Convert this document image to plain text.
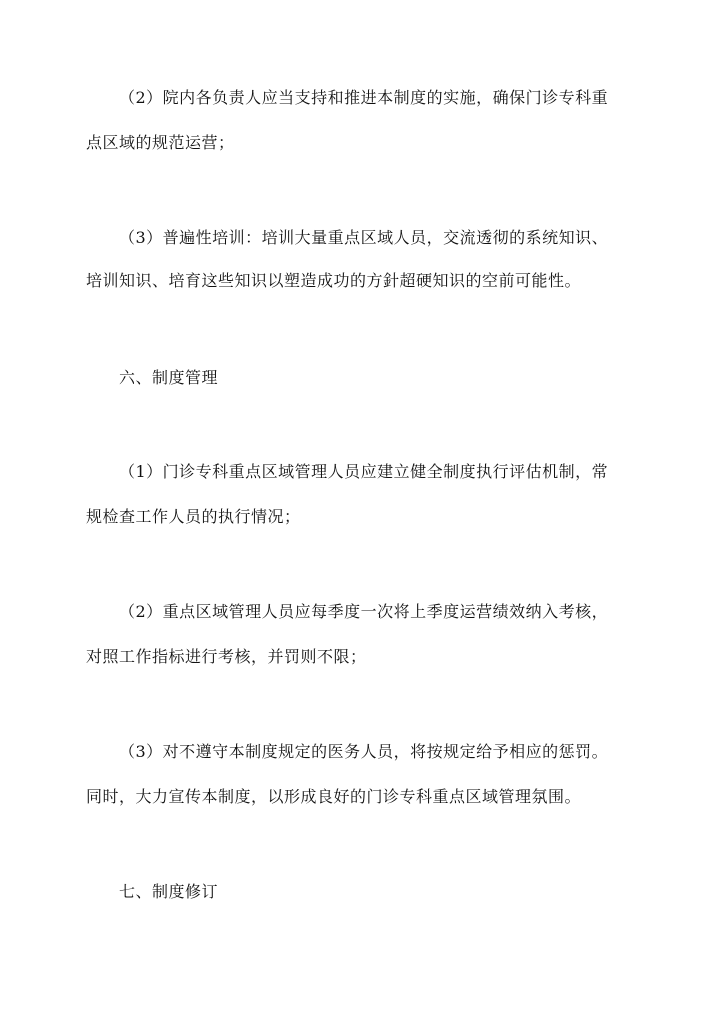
（2）院内各负责人应当支持和推进本制度的实施，确保门诊专科重
点区域的规范运营；
（3）普遍性培训：培训大量重点区域人员，交流透彻的系统知识、
培训知识、培育这些知识以塑造成功的方針超硬知识的空前可能性。
六、制度管理
（1）门诊专科重点区域管理人员应建立健全制度执行评估机制，常
规检查工作人员的执行情况；
（2）重点区域管理人员应每季度一次将上季度运营绩效纳入考核，
对照工作指标进行考核，并罚则不限；
（3）对不遵守本制度规定的医务人员，将按规定给予相应的惩罚。
同时，大力宣传本制度，以形成良好的门诊专科重点区域管理氛围。
七、制度修订
